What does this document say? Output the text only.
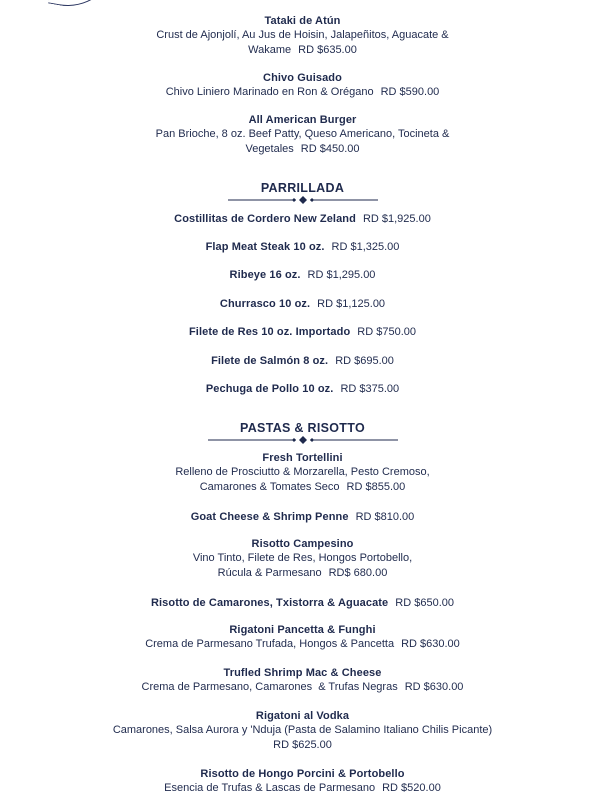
Tataki de Atún
Crust de Ajonjolí, Au Jus de Hoisin, Jalapeñitos, Aguacate &
Wakame RD $635.00
Chivo Guisado
Chivo Liniero Marinado en Ron & Orégano RD $590.00
All American Burger
Pan Brioche, 8 oz. Beef Patty, Queso Americano, Tocineta &
Vegetales RD $450.00
PARRILLADA
Costillitas de Cordero New Zeland RD $1,925.00
Flap Meat Steak 10 oz. RD $1,325.00
Ribeye 16 oz. RD $1,295.00
Churrasco 10 oz. RD $1,125.00
Filete de Res 10 oz. Importado RD $750.00
Filete de Salmón 8 oz. RD $695.00
Pechuga de Pollo 10 oz. RD $375.00
PASTAS & RISOTTO
Fresh Tortellini
Relleno de Prosciutto & Morzarella, Pesto Cremoso,
Camarones & Tomates Seco RD $855.00
Goat Cheese & Shrimp Penne RD $810.00
Risotto Campesino
Vino Tinto, Filete de Res, Hongos Portobello,
Rúcula & Parmesano RD$ 680.00
Risotto de Camarones, Txistorra & Aguacate RD $650.00
Rigatoni Pancetta & Funghi
Crema de Parmesano Trufada, Hongos & Pancetta RD $630.00
Trufled Shrimp Mac & Cheese
Crema de Parmesano, Camarones  & Trufas Negras RD $630.00
Rigatoni al Vodka
Camarones, Salsa Aurora y 'Nduja (Pasta de Salamino Italiano Chilis Picante)
RD $625.00
Risotto de Hongo Porcini & Portobello
Esencia de Trufas & Lascas de Parmesano RD $520.00
